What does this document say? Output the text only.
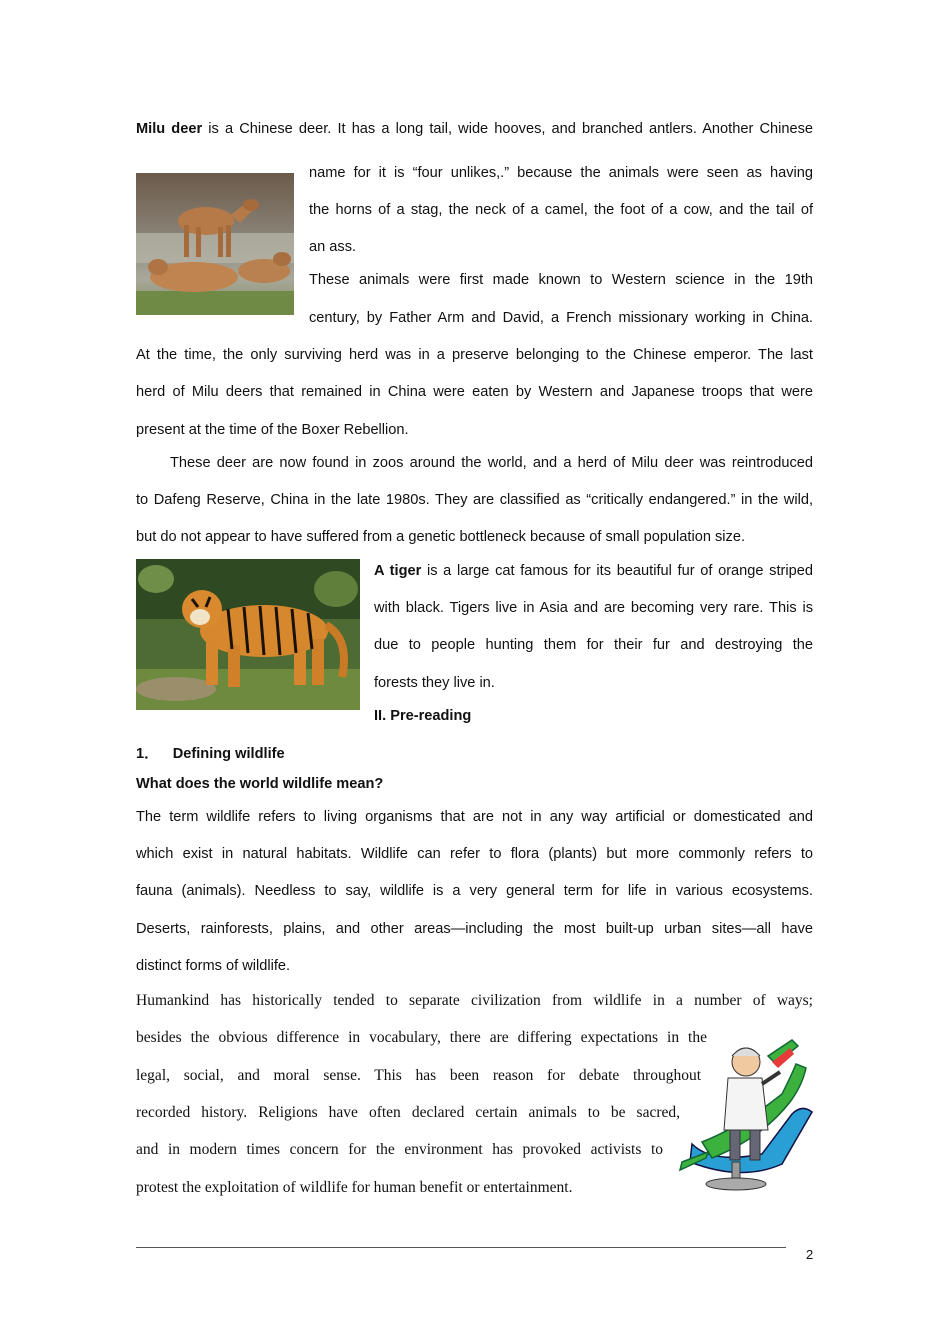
Milu deer is a Chinese deer. It has a long tail, wide hooves, and branched antlers. Another Chinese
name for it is “four unlikes,.” because the animals were seen as having
the horns of a stag, the neck of a camel, the foot of a cow, and the tail of
an ass.
These animals were first made known to Western science in the 19th
century, by Father Arm and David, a French missionary working in China.
At the time, the only surviving herd was in a preserve belonging to the Chinese emperor. The last
herd of Milu deers that remained in China were eaten by Western and Japanese troops that were
present at the time of the Boxer Rebellion.
These deer are now found in zoos around the world, and a herd of Milu deer was reintroduced
to Dafeng Reserve, China in the late 1980s. They are classified as “critically endangered.” in the wild,
but do not appear to have suffered from a genetic bottleneck because of small population size.
A tiger is a large cat famous for its beautiful fur of orange striped
with black. Tigers live in Asia and are becoming very rare. This is
due to people hunting them for their fur and destroying the
forests they live in.
II. Pre-reading
1． Defining wildlife
What does the world wildlife mean?
The term wildlife refers to living organisms that are not in any way artificial or domesticated and
which exist in natural habitats. Wildlife can refer to flora (plants) but more commonly refers to
fauna (animals). Needless to say, wildlife is a very general term for life in various ecosystems.
Deserts, rainforests, plains, and other areas—including the most built-up urban sites—all have
distinct forms of wildlife.
Humankind has historically tended to separate civilization from wildlife in a number of ways;
besides the obvious difference in vocabulary, there are differing expectations in the
legal, social, and moral sense. This has been reason for debate throughout
recorded history. Religions have often declared certain animals to be sacred,
and in modern times concern for the environment has provoked activists to
protest the exploitation of wildlife for human benefit or entertainment.
2
